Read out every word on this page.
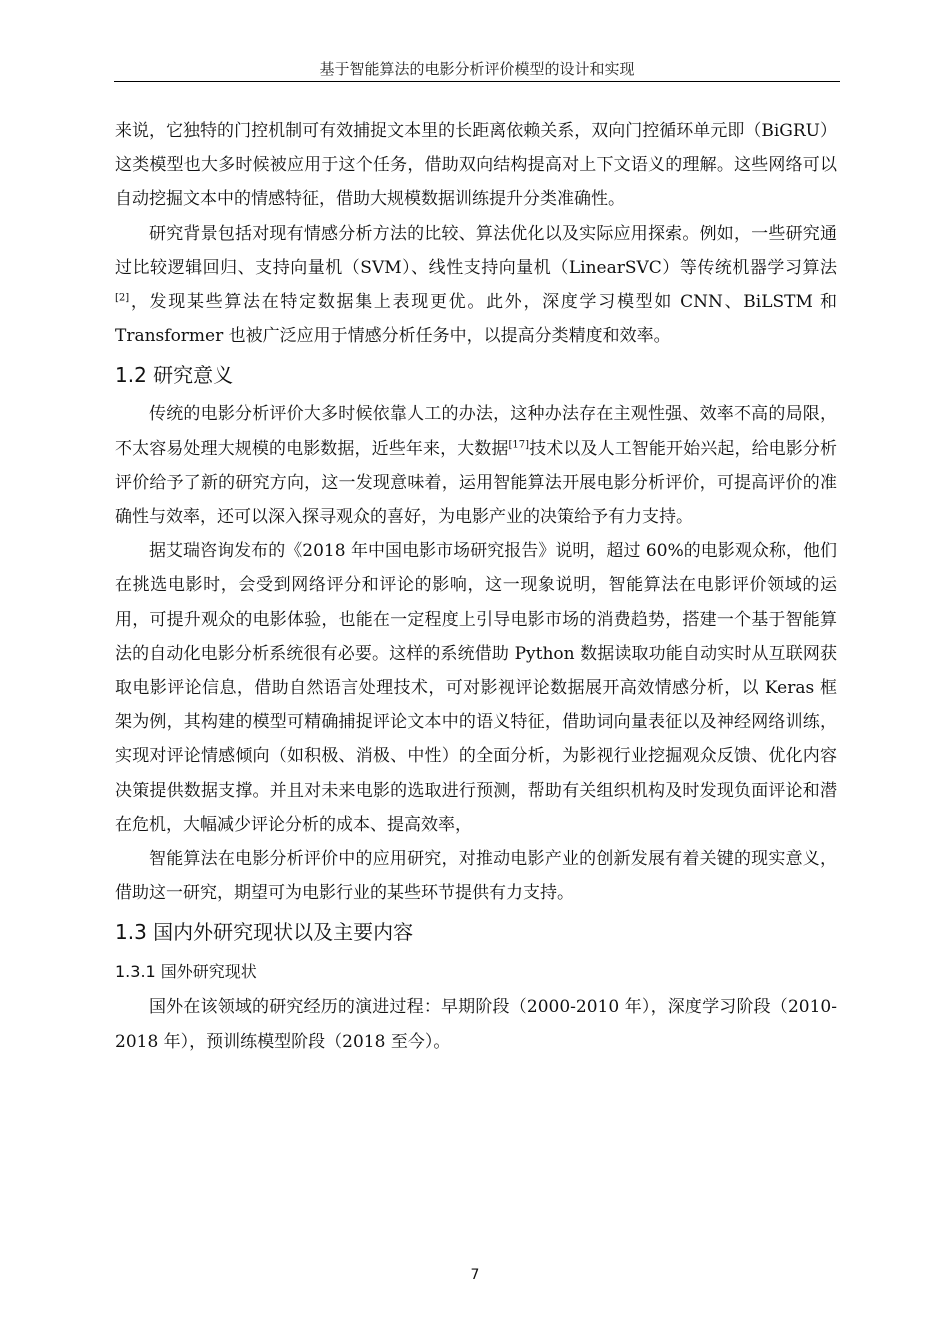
基于智能算法的电影分析评价模型的设计和实现

来说，它独特的门控机制可有效捕捉文本里的长距离依赖关系，双向门控循环单元即（BiGRU）这类模型也大多时候被应用于这个任务，借助双向结构提高对上下文语义的理解。这些网络可以自动挖掘文本中的情感特征，借助大规模数据训练提升分类准确性。

研究背景包括对现有情感分析方法的比较、算法优化以及实际应用探索。例如，一些研究通过比较逻辑回归、支持向量机（SVM）、线性支持向量机（LinearSVC）等传统机器学习算法[2]，发现某些算法在特定数据集上表现更优。此外，深度学习模型如 CNN、BiLSTM 和 Transformer 也被广泛应用于情感分析任务中，以提高分类精度和效率。

1.2 研究意义

传统的电影分析评价大多时候依靠人工的办法，这种办法存在主观性强、效率不高的局限，不太容易处理大规模的电影数据，近些年来，大数据[17]技术以及人工智能开始兴起，给电影分析评价给予了新的研究方向，这一发现意味着，运用智能算法开展电影分析评价，可提高评价的准确性与效率，还可以深入探寻观众的喜好，为电影产业的决策给予有力支持。

据艾瑞咨询发布的《2018 年中国电影市场研究报告》说明，超过 60%的电影观众称，他们在挑选电影时，会受到网络评分和评论的影响，这一现象说明，智能算法在电影评价领域的运用，可提升观众的电影体验，也能在一定程度上引导电影市场的消费趋势，搭建一个基于智能算法的自动化电影分析系统很有必要。这样的系统借助 Python 数据读取功能自动实时从互联网获取电影评论信息，借助自然语言处理技术，可对影视评论数据展开高效情感分析，以 Keras 框架为例，其构建的模型可精确捕捉评论文本中的语义特征，借助词向量表征以及神经网络训练，实现对评论情感倾向（如积极、消极、中性）的全面分析，为影视行业挖掘观众反馈、优化内容决策提供数据支撑。并且对未来电影的选取进行预测，帮助有关组织机构及时发现负面评论和潜在危机，大幅减少评论分析的成本、提高效率，

智能算法在电影分析评价中的应用研究，对推动电影产业的创新发展有着关键的现实意义，借助这一研究，期望可为电影行业的某些环节提供有力支持。

1.3 国内外研究现状以及主要内容
1.3.1 国外研究现状

国外在该领域的研究经历的演进过程：早期阶段（2000-2010 年），深度学习阶段（2010-2018 年），预训练模型阶段（2018 至今）。

7
